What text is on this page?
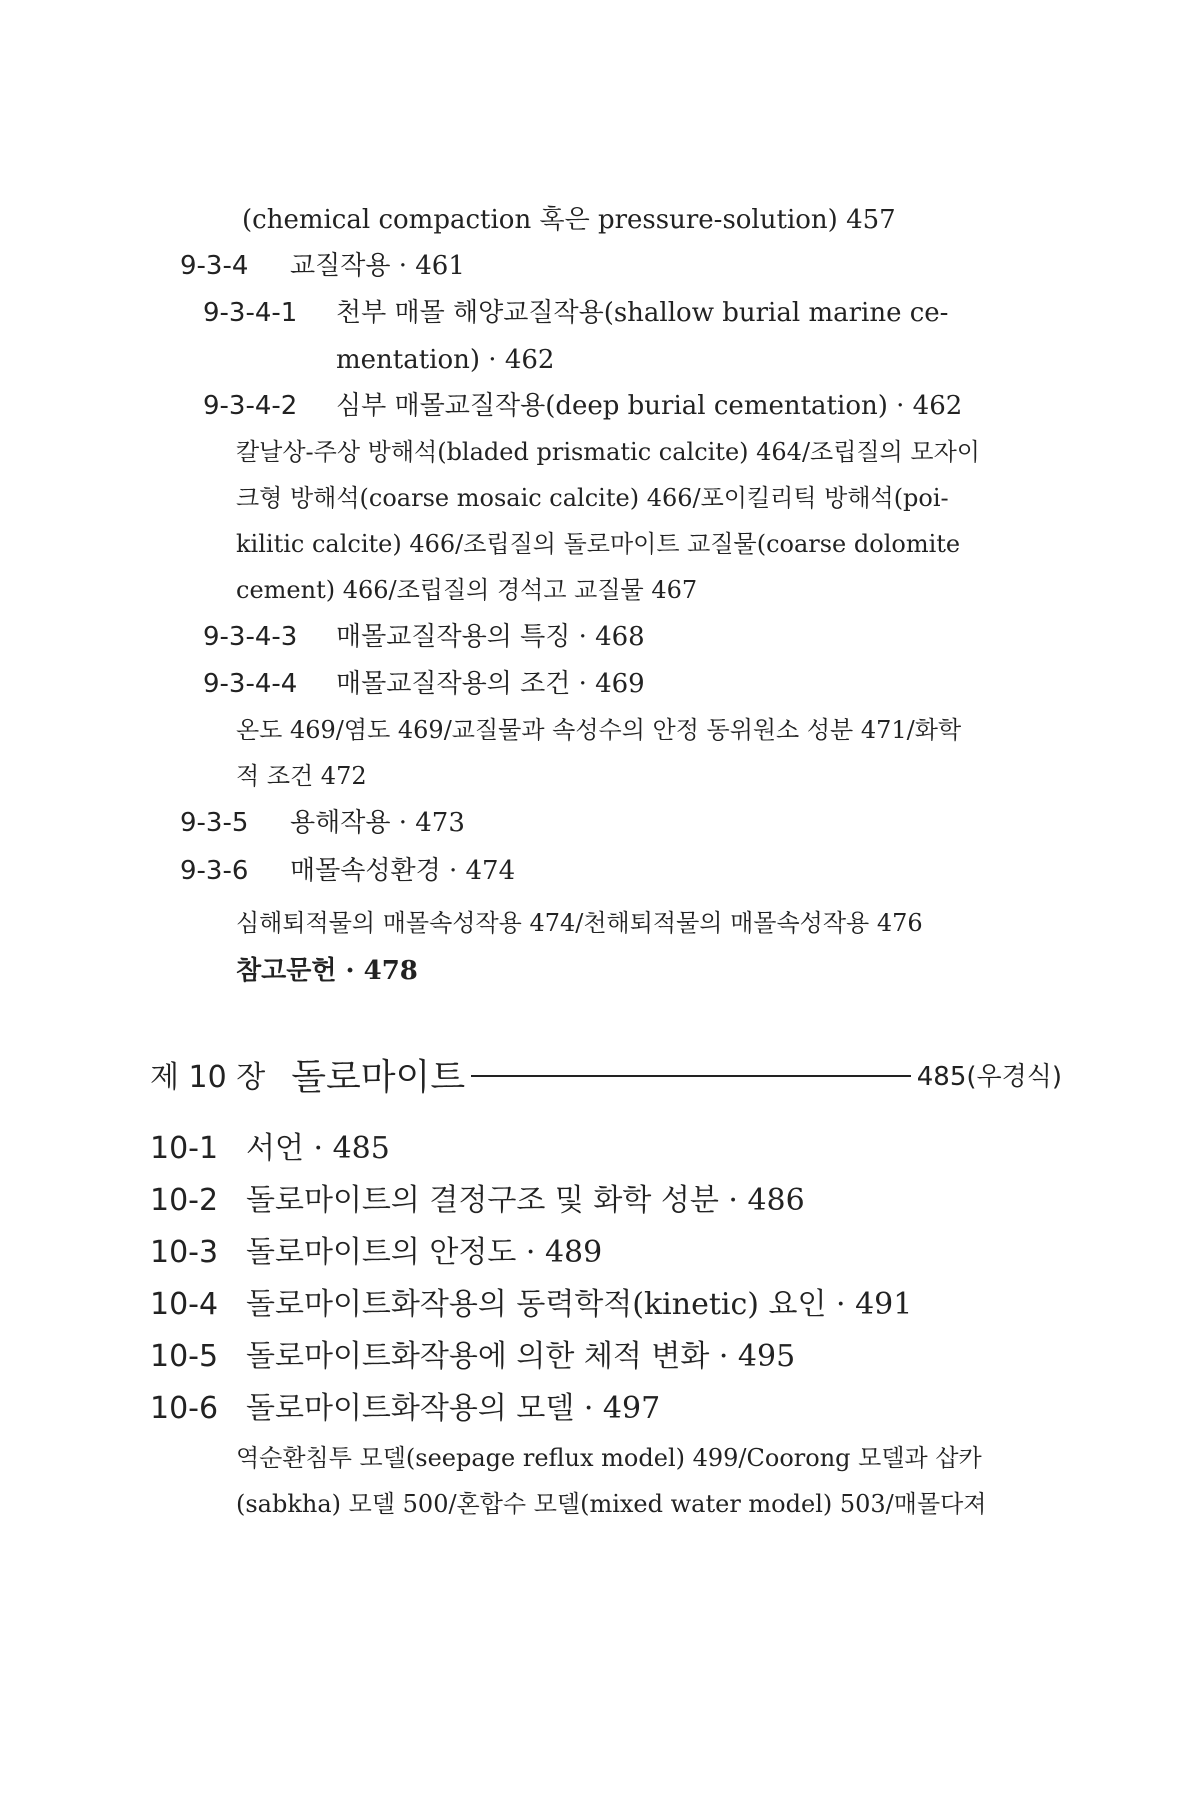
(chemical compaction 혹은 pressure-solution) 457
9-3-4 교질작용 · 461
9-3-4-1 천부 매몰 해양교질작용(shallow burial marine ce-
mentation) · 462
9-3-4-2 심부 매몰교질작용(deep burial cementation) · 462
칼날상-주상 방해석(bladed prismatic calcite) 464/조립질의 모자이
크형 방해석(coarse mosaic calcite) 466/포이킬리틱 방해석(poi-
kilitic calcite) 466/조립질의 돌로마이트 교질물(coarse dolomite
cement) 466/조립질의 경석고 교질물 467
9-3-4-3 매몰교질작용의 특징 · 468
9-3-4-4 매몰교질작용의 조건 · 469
온도 469/염도 469/교질물과 속성수의 안정 동위원소 성분 471/화학
적 조건 472
9-3-5 용해작용 · 473
9-3-6 매몰속성환경 · 474
심해퇴적물의 매몰속성작용 474/천해퇴적물의 매몰속성작용 476
참고문헌 · 478
제 10 장 돌로마이트	485(우경식)
10-1 서언 · 485
10-2 돌로마이트의 결정구조 및 화학 성분 · 486
10-3 돌로마이트의 안정도 · 489
10-4 돌로마이트화작용의 동력학적(kinetic) 요인 · 491
10-5 돌로마이트화작용에 의한 체적 변화 · 495
10-6 돌로마이트화작용의 모델 · 497
역순환침투 모델(seepage reflux model) 499/Coorong 모델과 삽카
(sabkha) 모델 500/혼합수 모델(mixed water model) 503/매몰다져
